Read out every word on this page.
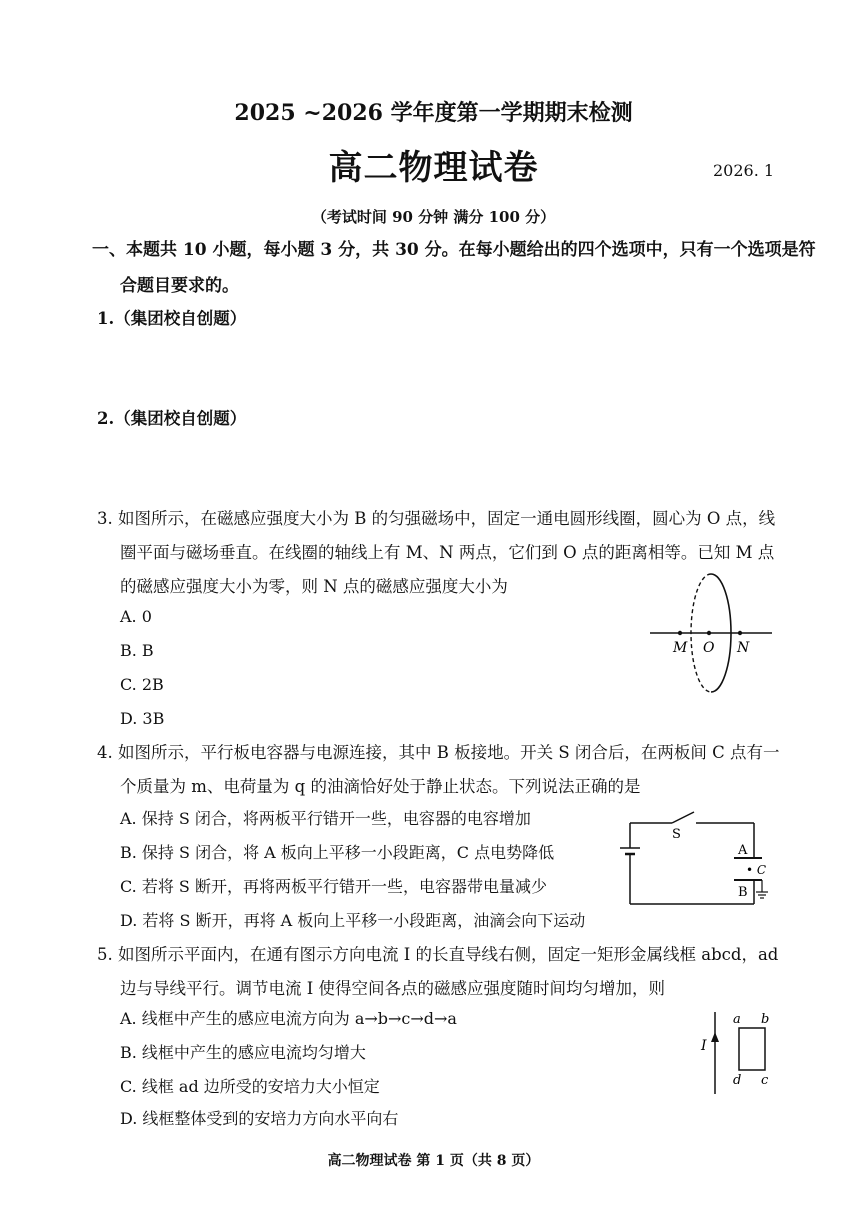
2025 ~2026 学年度第一学期期末检测
高二物理试卷	2026. 1
（考试时间 90 分钟 满分 100 分）
一、本题共 10 小题，每小题 3 分，共 30 分。在每小题给出的四个选项中，只有一个选项是符
合题目要求的。
1.（集团校自创题）
2.（集团校自创题）
3. 如图所示，在磁感应强度大小为 B 的匀强磁场中，固定一通电圆形线圈，圆心为 O 点，线
圈平面与磁场垂直。在线圈的轴线上有 M、N 两点，它们到 O 点的距离相等。已知 M 点
的磁感应强度大小为零，则 N 点的磁感应强度大小为
A. 0
B. B
C. 2B
D. 3B
M O N
4. 如图所示，平行板电容器与电源连接，其中 B 板接地。开关 S 闭合后，在两板间 C 点有一
个质量为 m、电荷量为 q 的油滴恰好处于静止状态。下列说法正确的是
A. 保持 S 闭合，将两板平行错开一些，电容器的电容增加
B. 保持 S 闭合，将 A 板向上平移一小段距离，C 点电势降低
C. 若将 S 断开，再将两板平行错开一些，电容器带电量减少
D. 若将 S 断开，再将 A 板向上平移一小段距离，油滴会向下运动
S
A
• C
B
5. 如图所示平面内，在通有图示方向电流 I 的长直导线右侧，固定一矩形金属线框 abcd，ad
边与导线平行。调节电流 I 使得空间各点的磁感应强度随时间均匀增加，则
A. 线框中产生的感应电流方向为 a→b→c→d→a
B. 线框中产生的感应电流均匀增大
C. 线框 ad 边所受的安培力大小恒定
D. 线框整体受到的安培力方向水平向右
I
a b
d c
高二物理试卷 第 1 页（共 8 页）
